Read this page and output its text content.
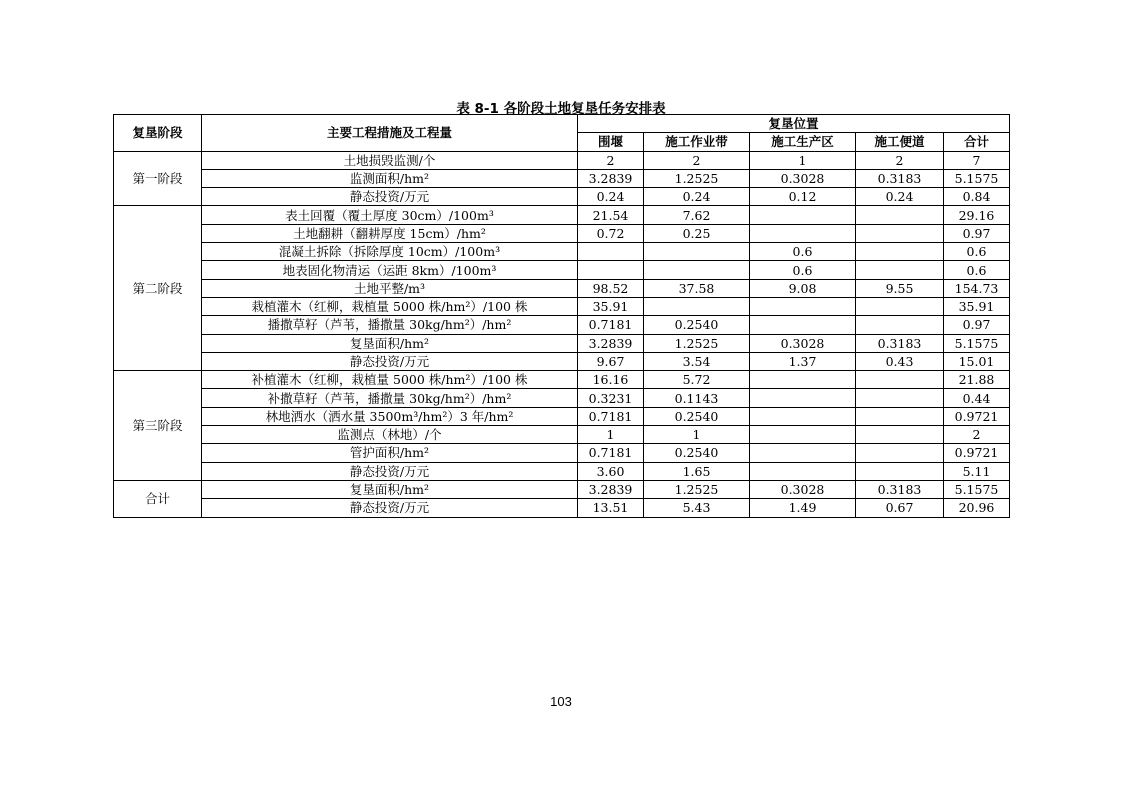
表 8-1 各阶段土地复垦任务安排表
复垦阶段	主要工程措施及工程量	复垦位置				
		围堰	施工作业带	施工生产区	施工便道	合计
第一阶段	土地损毁监测/个	2	2	1	2	7
	监测面积/hm²	3.2839	1.2525	0.3028	0.3183	5.1575
	静态投资/万元	0.24	0.24	0.12	0.24	0.84
第二阶段	表土回覆（覆土厚度 30cm）/100m³	21.54	7.62			29.16
	土地翻耕（翻耕厚度 15cm）/hm²	0.72	0.25			0.97
	混凝土拆除（拆除厚度 10cm）/100m³			0.6		0.6
	地表固化物清运（运距 8km）/100m³			0.6		0.6
	土地平整/m³	98.52	37.58	9.08	9.55	154.73
	栽植灌木（红柳，栽植量 5000 株/hm²）/100 株	35.91				35.91
	播撒草籽（芦苇，播撒量 30kg/hm²）/hm²	0.7181	0.2540			0.97
	复垦面积/hm²	3.2839	1.2525	0.3028	0.3183	5.1575
	静态投资/万元	9.67	3.54	1.37	0.43	15.01
第三阶段	补植灌木（红柳，栽植量 5000 株/hm²）/100 株	16.16	5.72			21.88
	补撒草籽（芦苇，播撒量 30kg/hm²）/hm²	0.3231	0.1143			0.44
	林地洒水（洒水量 3500m³/hm²）3 年/hm²	0.7181	0.2540			0.9721
	监测点（林地）/个	1	1			2
	管护面积/hm²	0.7181	0.2540			0.9721
	静态投资/万元	3.60	1.65			5.11
合计	复垦面积/hm²	3.2839	1.2525	0.3028	0.3183	5.1575
	静态投资/万元	13.51	5.43	1.49	0.67	20.96
103
